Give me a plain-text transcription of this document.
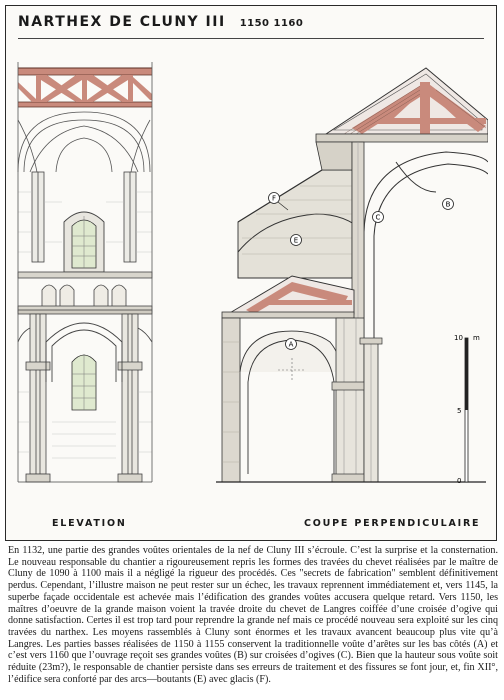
NARTHEX DE CLUNY III 1150 1160
10 m
5
0
F
E
C
B
A
ELEVATION	COUPE PERPENDICULAIRE

En 1132, une partie des grandes voûtes orientales de la nef de Cluny III s’écroule. C’est la surprise et la consternation. Le nouveau responsable du chantier a rigoureusement repris les formes des travées du chevet réalisées par le maître de Cluny de 1090 à 1100 mais il a négligé la rigueur des procédés. Ces "secrets de fabrication" semblent définitivement perdus. Cependant, l’illustre maison ne peut rester sur un échec, les travaux reprennent immédiatement et, vers 1145, la superbe façade occidentale est achevée mais l’édification des grandes voûtes accusera quelque retard. Vers 1150, les maîtres d’oeuvre de la grande maison voient la travée droite du chevet de Langres coiffée d’une croisée d’ogive qui donne satisfaction. Certes il est trop tard pour reprendre la grande nef mais ce procédé nouveau sera exploité sur les cinq travées du narthex. Les moyens rassemblés à Cluny sont énormes et les travaux avancent beaucoup plus vite qu’à Langres. Les parties basses réalisées de 1150 à 1155 conservent la traditionnelle voûte d’arêtes sur les bas côtés (A) et c’est vers 1160 que l’ouvrage reçoit ses grandes voûtes (B) sur croisées d’ogives (C). Bien que la hauteur sous voûte soit réduite (23m?), le responsable de chantier persiste dans ses erreurs de traitement et des fissures se font jour, et, fin XII°, l’édifice sera conforté par des arcs—boutants (E) avec glacis (F).
